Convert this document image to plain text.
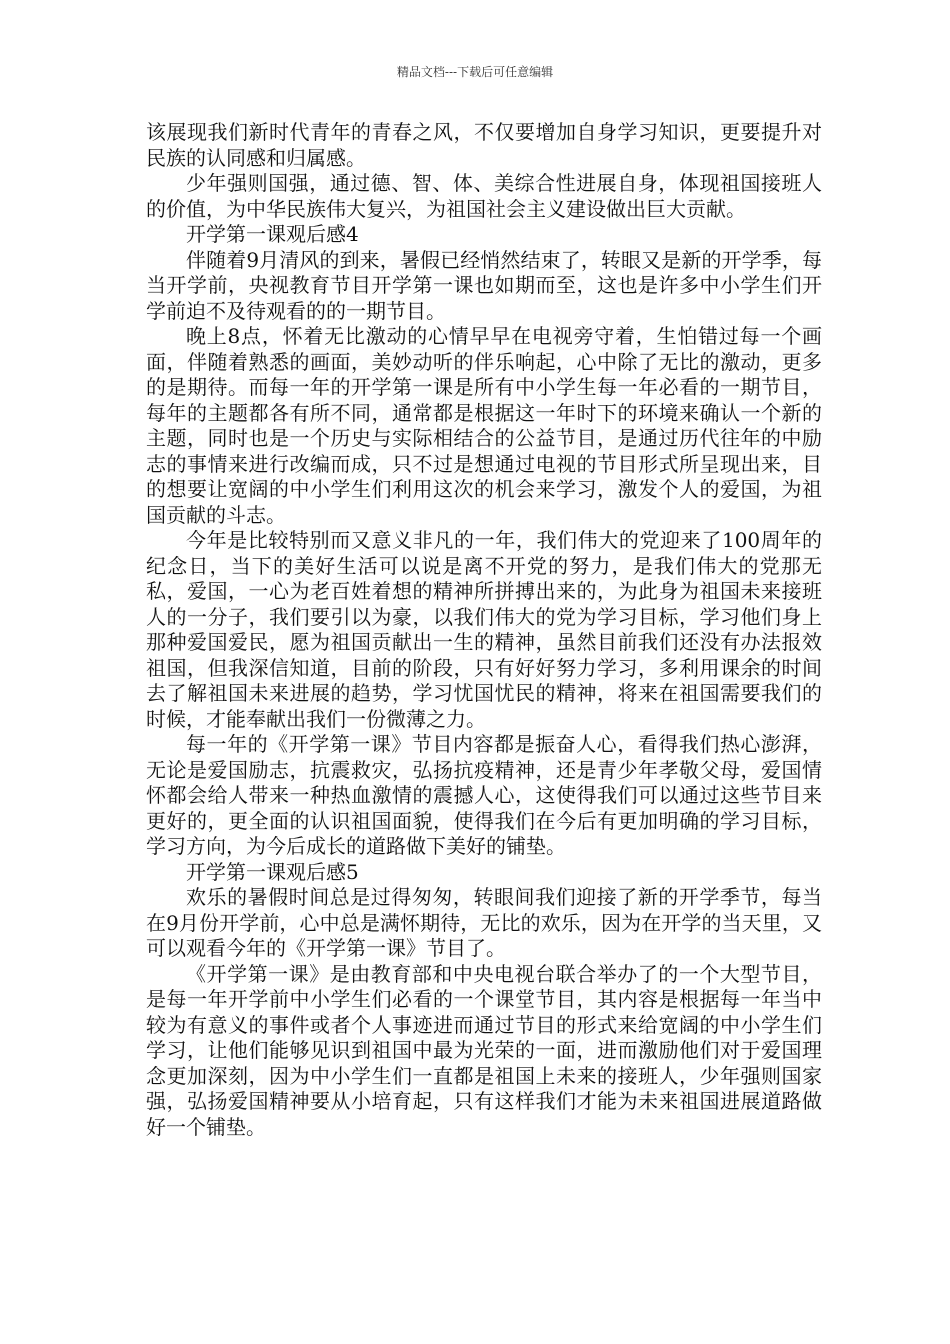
精品文档---下载后可任意编辑

该展现我们新时代青年的青春之风，不仅要增加自身学习知识，更要提升对民族的认同感和归属感。

少年强则国强，通过德、智、体、美综合性进展自身，体现祖国接班人的价值，为中华民族伟大复兴，为祖国社会主义建设做出巨大贡献。

开学第一课观后感4

伴随着9月清风的到来，暑假已经悄然结束了，转眼又是新的开学季，每当开学前，央视教育节目开学第一课也如期而至，这也是许多中小学生们开学前迫不及待观看的的一期节目。

晚上8点，怀着无比激动的心情早早在电视旁守着，生怕错过每一个画面，伴随着熟悉的画面，美妙动听的伴乐响起，心中除了无比的激动，更多的是期待。而每一年的开学第一课是所有中小学生每一年必看的一期节目，每年的主题都各有所不同，通常都是根据这一年时下的环境来确认一个新的主题，同时也是一个历史与实际相结合的公益节目，是通过历代往年的中励志的事情来进行改编而成，只不过是想通过电视的节目形式所呈现出来，目的想要让宽阔的中小学生们利用这次的机会来学习，激发个人的爱国，为祖国贡献的斗志。

今年是比较特别而又意义非凡的一年，我们伟大的党迎来了100周年的纪念日，当下的美好生活可以说是离不开党的努力，是我们伟大的党那无私，爱国，一心为老百姓着想的精神所拼搏出来的，为此身为祖国未来接班人的一分子，我们要引以为豪，以我们伟大的党为学习目标，学习他们身上那种爱国爱民，愿为祖国贡献出一生的精神，虽然目前我们还没有办法报效祖国，但我深信知道，目前的阶段，只有好好努力学习，多利用课余的时间去了解祖国未来进展的趋势，学习忧国忧民的精神，将来在祖国需要我们的时候，才能奉献出我们一份微薄之力。

每一年的《开学第一课》节目内容都是振奋人心，看得我们热心澎湃，无论是爱国励志，抗震救灾，弘扬抗疫精神，还是青少年孝敬父母，爱国情怀都会给人带来一种热血激情的震撼人心，这使得我们可以通过这些节目来更好的，更全面的认识祖国面貌，使得我们在今后有更加明确的学习目标，学习方向，为今后成长的道路做下美好的铺垫。

开学第一课观后感5

欢乐的暑假时间总是过得匆匆，转眼间我们迎接了新的开学季节，每当在9月份开学前，心中总是满怀期待，无比的欢乐，因为在开学的当天里，又可以观看今年的《开学第一课》节目了。

《开学第一课》是由教育部和中央电视台联合举办了的一个大型节目，是每一年开学前中小学生们必看的一个课堂节目，其内容是根据每一年当中较为有意义的事件或者个人事迹进而通过节目的形式来给宽阔的中小学生们学习，让他们能够见识到祖国中最为光荣的一面，进而激励他们对于爱国理念更加深刻，因为中小学生们一直都是祖国上未来的接班人，少年强则国家强，弘扬爱国精神要从小培育起，只有这样我们才能为未来祖国进展道路做好一个铺垫。
